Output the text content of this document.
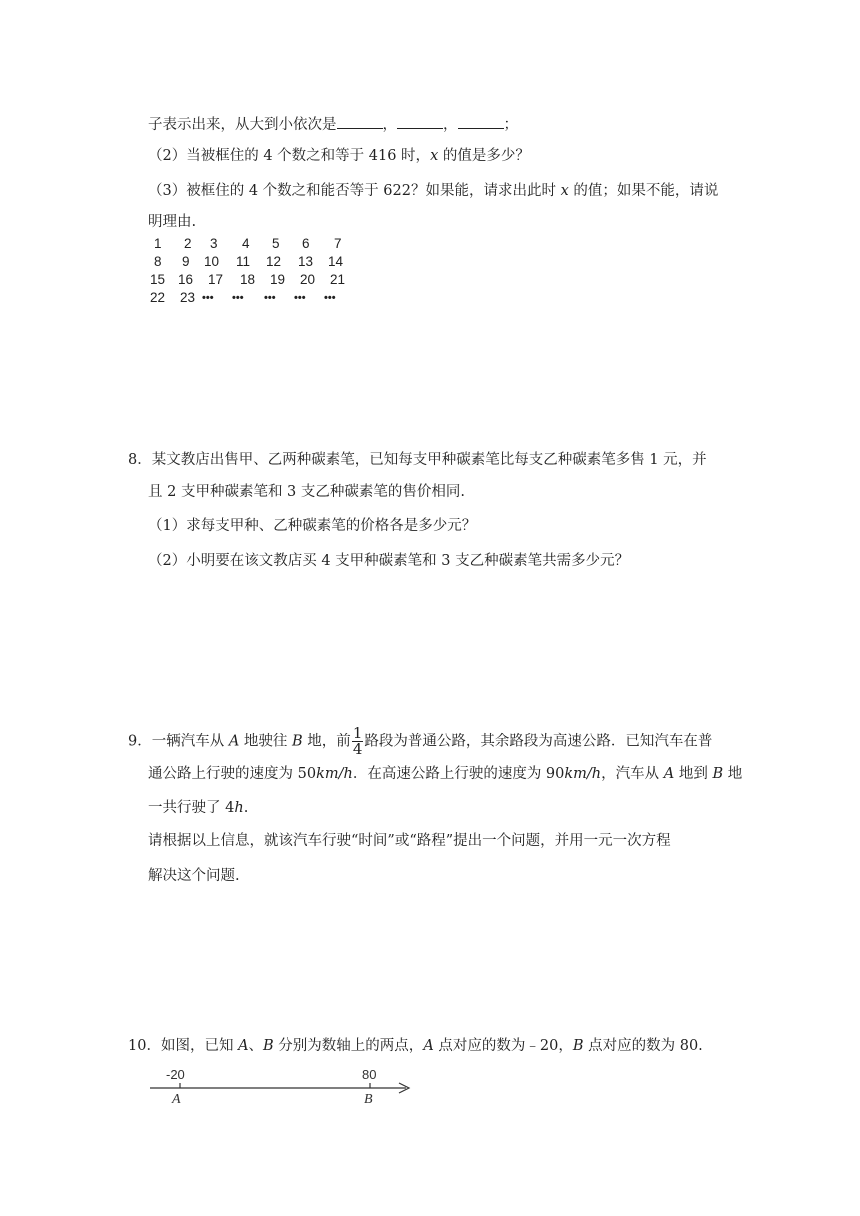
子表示出来，从大到小依次是	，	，	；
（2）当被框住的 4 个数之和等于 416 时，x 的值是多少？
（3）被框住的 4 个数之和能否等于 622？如果能，请求出此时 x 的值；如果不能，请说
明理由.
1 2 3 4 5 6 7
8 9 10 11 12 13 14
15 16 17 18 19 20 21
22 23 ••• ••• ••• ••• •••
8．某文教店出售甲、乙两种碳素笔，已知每支甲种碳素笔比每支乙种碳素笔多售 1 元，并
且 2 支甲种碳素笔和 3 支乙种碳素笔的售价相同.
（1）求每支甲种、乙种碳素笔的价格各是多少元？
（2）小明要在该文教店买 4 支甲种碳素笔和 3 支乙种碳素笔共需多少元？
9．一辆汽车从 A 地驶往 B 地，前 $\frac{1}{4}$ 路段为普通公路，其余路段为高速公路．已知汽车在普
通公路上行驶的速度为 50km/h．在高速公路上行驶的速度为 90km/h，汽车从 A 地到 B 地
一共行驶了 4h.
请根据以上信息，就该汽车行驶“时间”或“路程”提出一个问题，并用一元一次方程
解决这个问题.
10．如图，已知 A、B 分别为数轴上的两点，A 点对应的数为﹣20，B 点对应的数为 80.
-20	80
A	B
